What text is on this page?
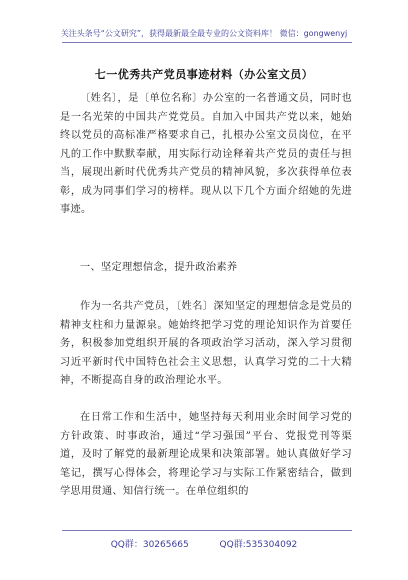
关注头条号“公文研究”，获得最新最全最专业的公文资料库！ 微信：gongwenyj
七一优秀共产党员事迹材料（办公室文员）

〔姓名〕，是〔单位名称〕办公室的一名普通文员，同时也是一名光荣的中国共产党党员。自加入中国共产党以来，她始终以党员的高标准严格要求自己，扎根办公室文员岗位，在平凡的工作中默默奉献，用实际行动诠释着共产党员的责任与担当，展现出新时代优秀共产党员的精神风貌，多次获得单位表彰，成为同事们学习的榜样。现从以下几个方面介绍她的先进事迹。

一、坚定理想信念，提升政治素养

作为一名共产党员，〔姓名〕深知坚定的理想信念是党员的精神支柱和力量源泉。她始终把学习党的理论知识作为首要任务，积极参加党组织开展的各项政治学习活动，深入学习贯彻习近平新时代中国特色社会主义思想，认真学习党的二十大精神，不断提高自身的政治理论水平。

在日常工作和生活中，她坚持每天利用业余时间学习党的方针政策、时事政治，通过“学习强国”平台、党报党刊等渠道，及时了解党的最新理论成果和决策部署。她认真做好学习笔记，撰写心得体会，将理论学习与实际工作紧密结合，做到学思用贯通、知信行统一。在单位组织的

QQ群：30265665	QQ群:535304092
